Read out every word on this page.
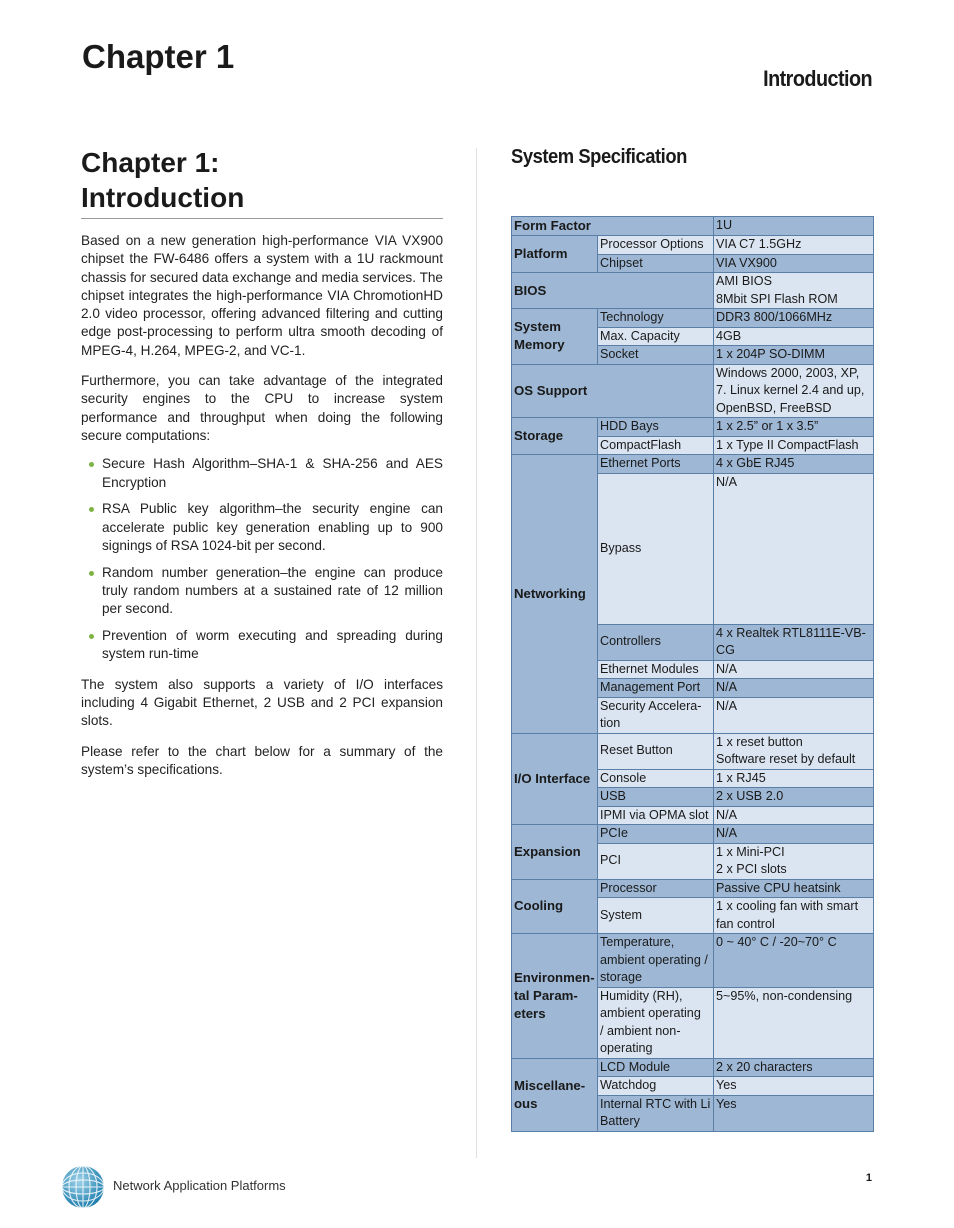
Chapter 1
Introduction
Chapter 1:
Introduction

Based on a new generation high-performance VIA VX900 chipset the FW-6486 offers a system with a 1U rackmount chassis for secured data exchange and media services. The chipset integrates the high-performance VIA ChromotionHD 2.0 video processor, offering advanced filtering and cutting edge post-processing to perform ultra smooth decoding of MPEG-4, H.264, MPEG-2, and VC-1.

Furthermore, you can take advantage of the integrated security engines to the CPU to increase system performance and throughput when doing the following secure computations:

Secure Hash Algorithm–SHA-1 & SHA-256 and AES Encryption
RSA Public key algorithm–the security engine can accelerate public key generation enabling up to 900 signings of RSA 1024-bit per second.
Random number generation–the engine can produce truly random numbers at a sustained rate of 12 million per second.
Prevention of worm executing and spreading during system run-time

The system also supports a variety of I/O interfaces including 4 Gigabit Ethernet, 2 USB and 2 PCI expansion slots.

Please refer to the chart below for a summary of the system’s specifications.

System Specification
Form Factor		1U
Platform	Processor Options	VIA C7 1.5GHz
	Chipset	VIA VX900
BIOS		AMI BIOS
8Mbit SPI Flash ROM
System
Memory	Technology	DDR3 800/1066MHz
	Max. Capacity	4GB
	Socket	1 x 204P SO-DIMM
OS Support		Windows 2000, 2003, XP,
7. Linux kernel 2.4 and up,
OpenBSD, FreeBSD
Storage	HDD Bays	1 x 2.5” or 1 x 3.5”
	CompactFlash	1 x Type II CompactFlash
Networking	Ethernet Ports	4 x GbE RJ45
	Bypass	N/A
	Controllers	4 x Realtek RTL8111E-VB-
CG
	Ethernet Modules	N/A
	Management Port	N/A
	Security Accelera-
tion	N/A
I/O Interface	Reset Button	1 x reset button
Software reset by default
	Console	1 x RJ45
	USB	2 x USB 2.0
	IPMI via OPMA slot	N/A
Expansion	PCIe	N/A
	PCI	1 x Mini-PCI
2 x PCI slots
Cooling	Processor	Passive CPU heatsink
	System	1 x cooling fan with smart
fan control
Environmen-
tal Param-
eters	Temperature,
ambient operating /
storage	0 ~ 40° C / -20~70° C
	Humidity (RH),
ambient operating
/ ambient non-
operating	5~95%, non-condensing
Miscellane-
ous	LCD Module	2 x 20 characters
	Watchdog	Yes
	Internal RTC with Li
Battery	Yes
Network Application Platforms	1
